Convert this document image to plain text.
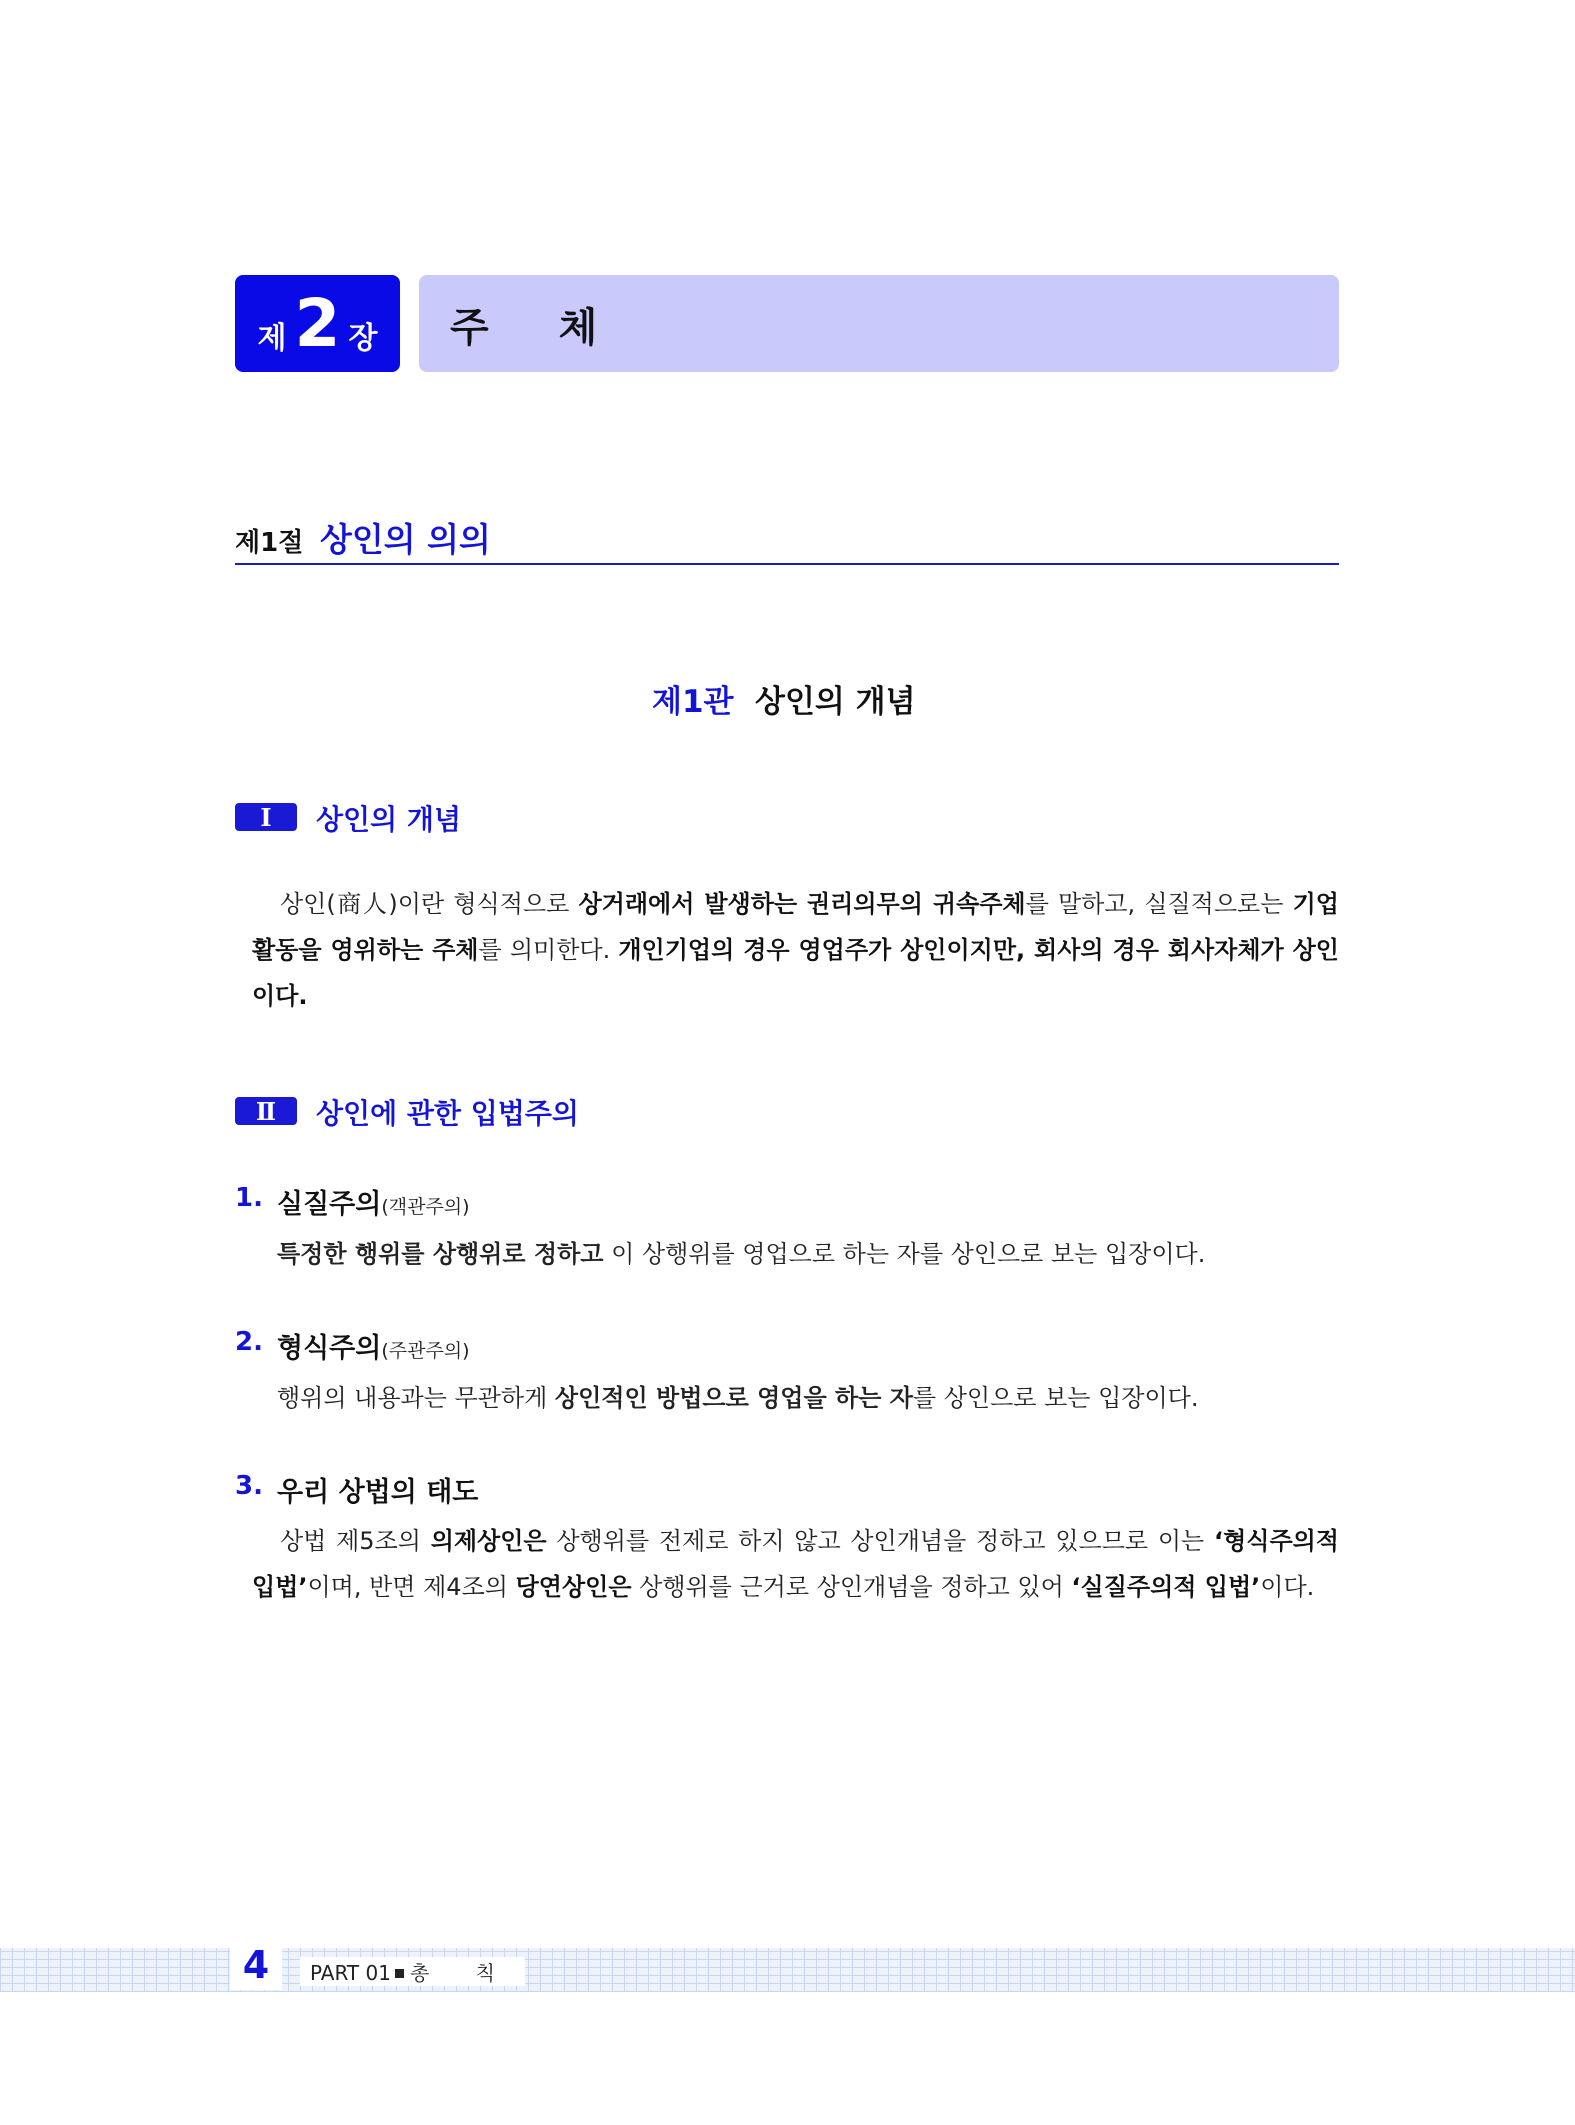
제 2 장 주 체
제1절 상인의 의의
제1관 상인의 개념
Ⅰ	상인의 개념
상인(商人)이란 형식적으로 상거래에서 발생하는 권리의무의 귀속주체를 말하고, 실질적으로는 기업활동을 영위하는 주체를 의미한다. 개인기업의 경우 영업주가 상인이지만, 회사의 경우 회사자체가 상인이다.
Ⅱ	상인에 관한 입법주의
1. 실질주의(객관주의)
특정한 행위를 상행위로 정하고 이 상행위를 영업으로 하는 자를 상인으로 보는 입장이다.
2. 형식주의(주관주의)
행위의 내용과는 무관하게 상인적인 방법으로 영업을 하는 자를 상인으로 보는 입장이다.
3. 우리 상법의 태도
상법 제5조의 의제상인은 상행위를 전제로 하지 않고 상인개념을 정하고 있으므로 이는 ‘형식주의적 입법’이며, 반면 제4조의 당연상인은 상행위를 근거로 상인개념을 정하고 있어 ‘실질주의적 입법’이다.
4	PART 01 총 칙
